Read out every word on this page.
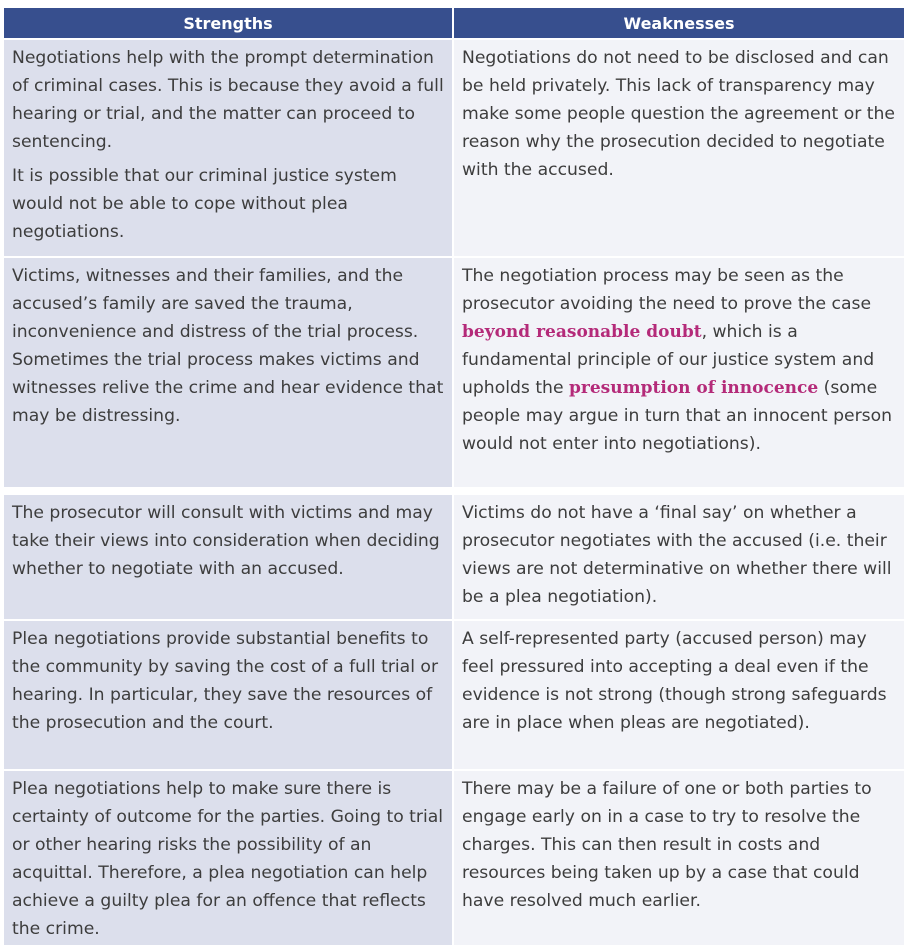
Strengths	Weaknesses

Negotiations help with the prompt determination of criminal cases. This is because they avoid a full hearing or trial, and the matter can proceed to sentencing.

It is possible that our criminal justice system would not be able to cope without plea negotiations.

Negotiations do not need to be disclosed and can be held privately. This lack of transparency may make some people question the agreement or the reason why the prosecution decided to negotiate with the accused.

Victims, witnesses and their families, and the accused’s family are saved the trauma, inconvenience and distress of the trial process. Sometimes the trial process makes victims and witnesses relive the crime and hear evidence that may be distressing.

The negotiation process may be seen as the prosecutor avoiding the need to prove the case beyond reasonable doubt, which is a fundamental principle of our justice system and upholds the presumption of innocence (some people may argue in turn that an innocent person would not enter into negotiations).

The prosecutor will consult with victims and may take their views into consideration when deciding whether to negotiate with an accused.

Victims do not have a ‘final say’ on whether a prosecutor negotiates with the accused (i.e. their views are not determinative on whether there will be a plea negotiation).

Plea negotiations provide substantial benefits to the community by saving the cost of a full trial or hearing. In particular, they save the resources of the prosecution and the court.

A self-represented party (accused person) may feel pressured into accepting a deal even if the evidence is not strong (though strong safeguards are in place when pleas are negotiated).

Plea negotiations help to make sure there is certainty of outcome for the parties. Going to trial or other hearing risks the possibility of an acquittal. Therefore, a plea negotiation can help achieve a guilty plea for an offence that reflects the crime.

There may be a failure of one or both parties to engage early on in a case to try to resolve the charges. This can then result in costs and resources being taken up by a case that could have resolved much earlier.
